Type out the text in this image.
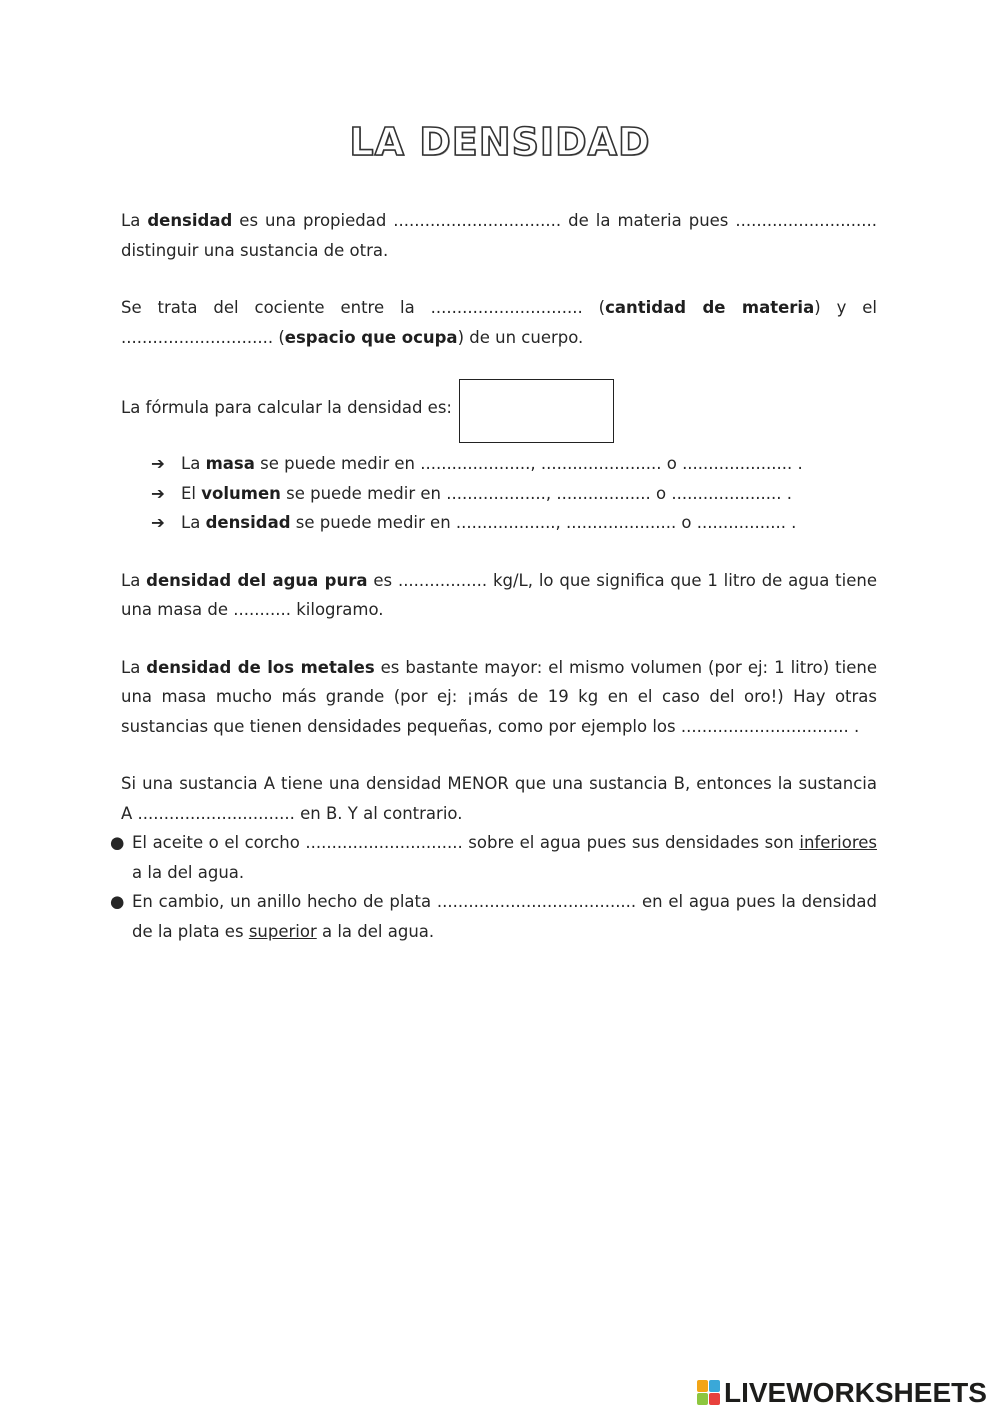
LA DENSIDAD

La densidad es una propiedad ................................ de la materia pues ........................... distinguir una sustancia de otra.

Se trata del cociente entre la ............................. (cantidad de materia) y el ............................. (espacio que ocupa) de un cuerpo.

La fórmula para calcular la densidad es:
➔ La masa se puede medir en ....................., ....................... o ..................... .
➔ El volumen se puede medir en ..................., .................. o ..................... .
➔ La densidad se puede medir en ..................., ..................... o ................. .

La densidad del agua pura es ................. kg/L, lo que significa que 1 litro de agua tiene una masa de ........... kilogramo.

La densidad de los metales es bastante mayor: el mismo volumen (por ej: 1 litro) tiene una masa mucho más grande (por ej: ¡más de 19 kg en el caso del oro!) Hay otras sustancias que tienen densidades pequeñas, como por ejemplo los ................................ .

Si una sustancia A tiene una densidad MENOR que una sustancia B, entonces la sustancia A .............................. en B. Y al contrario.

● El aceite o el corcho .............................. sobre el agua pues sus densidades son inferiores a la del agua.
● En cambio, un anillo hecho de plata ...................................... en el agua pues la densidad de la plata es superior a la del agua.
LIVEWORKSHEETS
